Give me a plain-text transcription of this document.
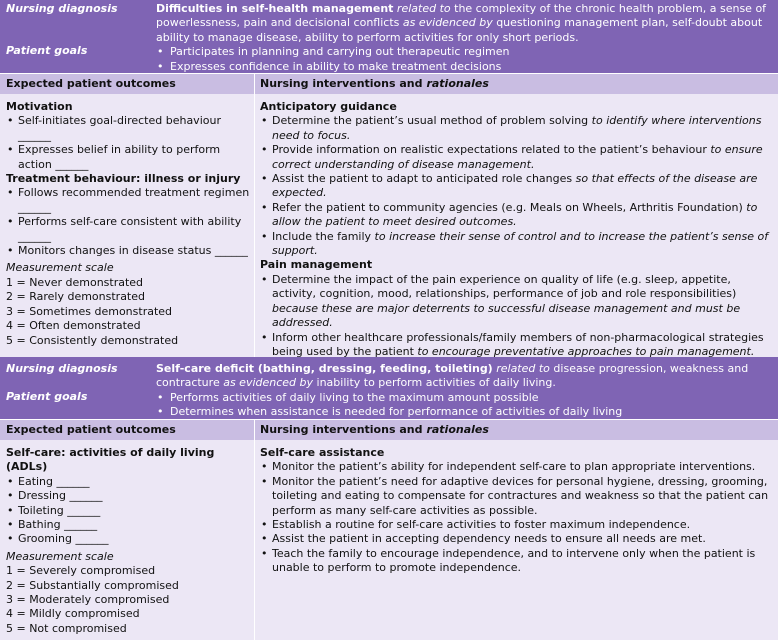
Nursing diagnosis
Patient goals
Difficulties in self-health management related to the complexity of the chronic health problem, a sense of powerlessness, pain and decisional conflicts as evidenced by questioning management plan, self-doubt about ability to manage disease, ability to perform activities for only short periods.
• Participates in planning and carrying out therapeutic regimen
• Expresses confidence in ability to make treatment decisions
Expected patient outcomes	Nursing interventions and rationales
Motivation
• Self-initiates goal-directed behaviour ______
• Expresses belief in ability to perform action ______
Treatment behaviour: illness or injury
• Follows recommended treatment regimen ______
• Performs self-care consistent with ability ______
• Monitors changes in disease status ______
Measurement scale
1 = Never demonstrated
2 = Rarely demonstrated
3 = Sometimes demonstrated
4 = Often demonstrated
5 = Consistently demonstrated
Anticipatory guidance
• Determine the patient’s usual method of problem solving to identify where interventions need to focus.
• Provide information on realistic expectations related to the patient’s behaviour to ensure correct understanding of disease management.
• Assist the patient to adapt to anticipated role changes so that effects of the disease are expected.
• Refer the patient to community agencies (e.g. Meals on Wheels, Arthritis Foundation) to allow the patient to meet desired outcomes.
• Include the family to increase their sense of control and to increase the patient’s sense of support.
Pain management
• Determine the impact of the pain experience on quality of life (e.g. sleep, appetite, activity, cognition, mood, relationships, performance of job and role responsibilities) because these are major deterrents to successful disease management and must be addressed.
• Inform other healthcare professionals/family members of non-pharmacological strategies being used by the patient to encourage preventative approaches to pain management.
Nursing diagnosis
Patient goals
Self-care deficit (bathing, dressing, feeding, toileting) related to disease progression, weakness and contracture as evidenced by inability to perform activities of daily living.
• Performs activities of daily living to the maximum amount possible
• Determines when assistance is needed for performance of activities of daily living
Expected patient outcomes	Nursing interventions and rationales
Self-care: activities of daily living (ADLs)
• Eating ______
• Dressing ______
• Toileting ______
• Bathing ______
• Grooming ______
Measurement scale
1 = Severely compromised
2 = Substantially compromised
3 = Moderately compromised
4 = Mildly compromised
5 = Not compromised
Self-care assistance
• Monitor the patient’s ability for independent self-care to plan appropriate interventions.
• Monitor the patient’s need for adaptive devices for personal hygiene, dressing, grooming, toileting and eating to compensate for contractures and weakness so that the patient can perform as many self-care activities as possible.
• Establish a routine for self-care activities to foster maximum independence.
• Assist the patient in accepting dependency needs to ensure all needs are met.
• Teach the family to encourage independence, and to intervene only when the patient is unable to perform to promote independence.
